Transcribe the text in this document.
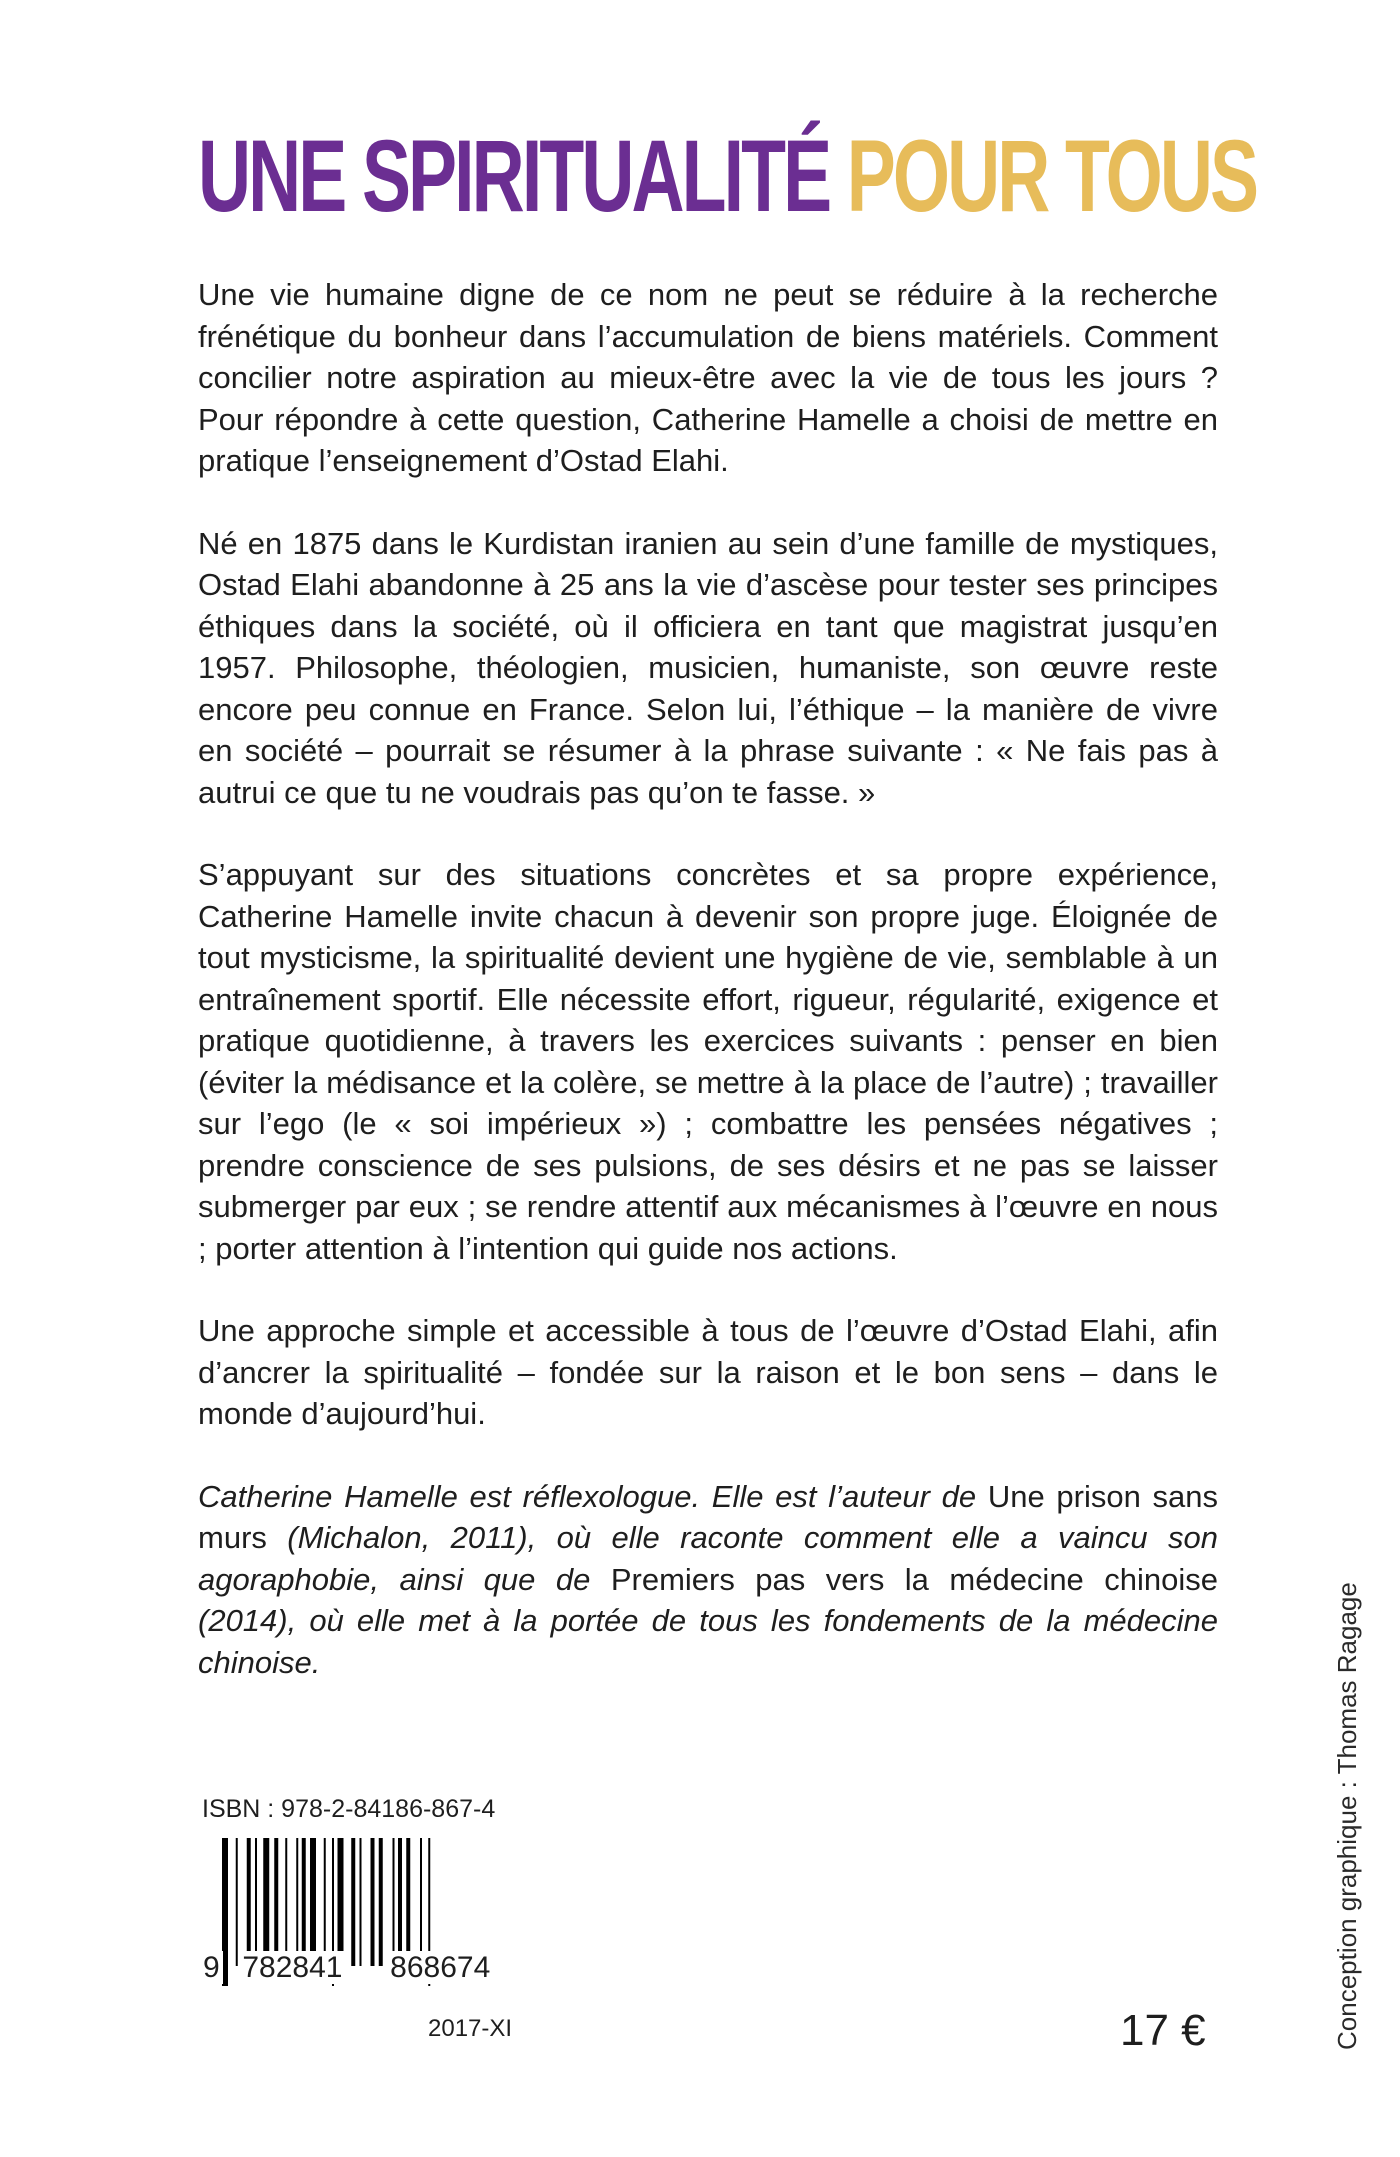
UNE SPIRITUALITÉ POUR TOUS

Une vie humaine digne de ce nom ne peut se réduire à la recherche frénétique du bonheur dans l’accumulation de biens matériels. Comment concilier notre aspiration au mieux-être avec la vie de tous les jours ? Pour répondre à cette question, Catherine Hamelle a choisi de mettre en pratique l’enseignement d’Ostad Elahi.

Né en 1875 dans le Kurdistan iranien au sein d’une famille de mystiques, Ostad Elahi abandonne à 25 ans la vie d’ascèse pour tester ses principes éthiques dans la société, où il officiera en tant que magistrat jusqu’en 1957. Philosophe, théologien, musicien, humaniste, son œuvre reste encore peu connue en France. Selon lui, l’éthique – la manière de vivre en société – pourrait se résumer à la phrase suivante : « Ne fais pas à autrui ce que tu ne voudrais pas qu’on te fasse. »

S’appuyant sur des situations concrètes et sa propre expérience, Catherine Hamelle invite chacun à devenir son propre juge. Éloignée de tout mysticisme, la spiritualité devient une hygiène de vie, semblable à un entraînement sportif. Elle nécessite effort, rigueur, régularité, exigence et pratique quotidienne, à travers les exercices suivants : penser en bien (éviter la médisance et la colère, se mettre à la place de l’autre) ; travailler sur l’ego (le « soi impérieux ») ; combattre les pensées négatives ; prendre conscience de ses pulsions, de ses désirs et ne pas se laisser submerger par eux ; se rendre attentif aux mécanismes à l’œuvre en nous ; porter attention à l’intention qui guide nos actions.

Une approche simple et accessible à tous de l’œuvre d’Ostad Elahi, afin d’ancrer la spiritualité – fondée sur la raison et le bon sens – dans le monde d’aujourd’hui.

Catherine Hamelle est réflexologue. Elle est l’auteur de Une prison sans murs (Michalon, 2011), où elle raconte comment elle a vaincu son agoraphobie, ainsi que de Premiers pas vers la médecine chinoise (2014), où elle met à la portée de tous les fondements de la médecine chinoise.

ISBN : 978-2-84186-867-4
9 782841 868674
2017-XI	17 €	Conception graphique : Thomas Ragage
